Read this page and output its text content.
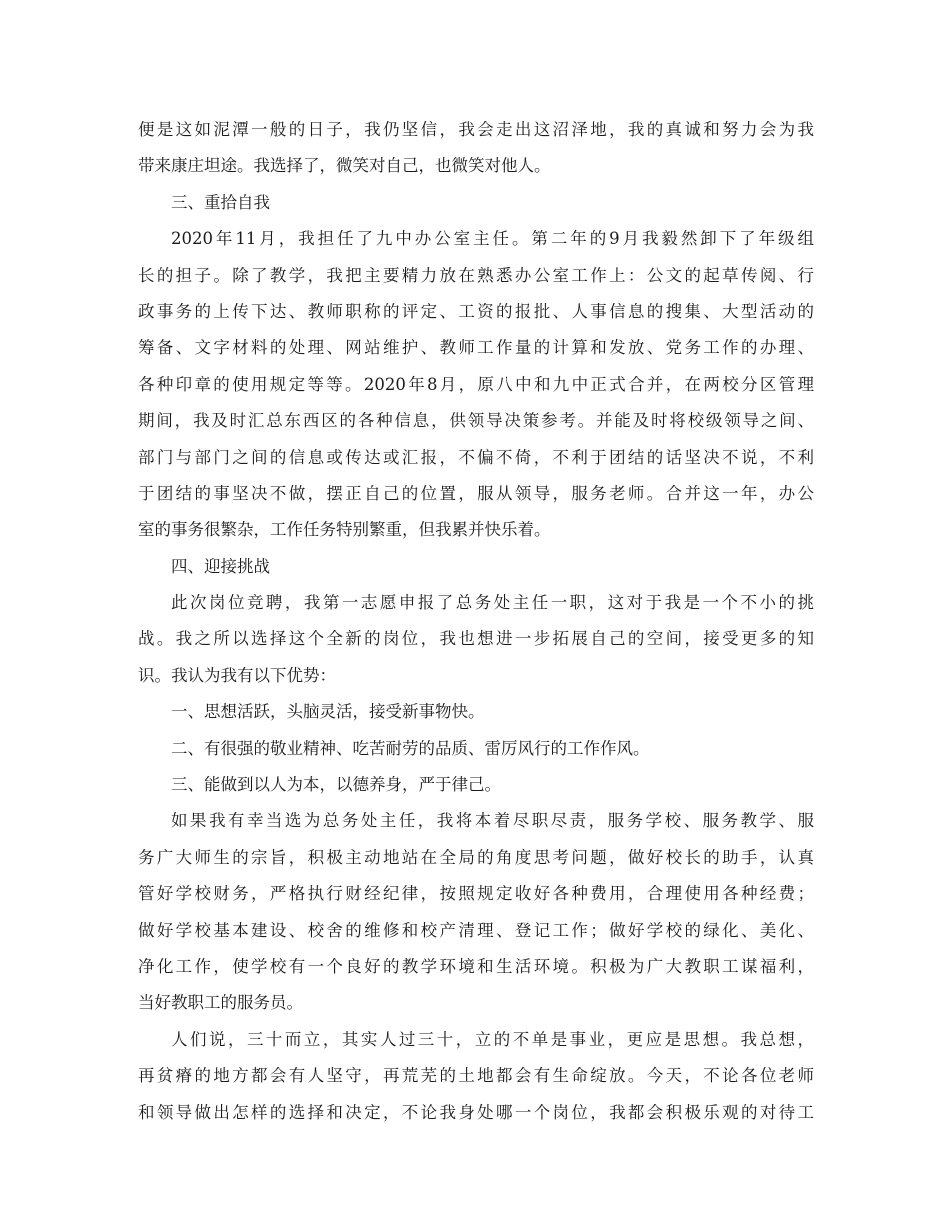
便是这如泥潭一般的日子，我仍坚信，我会走出这沼泽地，我的真诚和努力会为我
带来康庄坦途。我选择了，微笑对自己，也微笑对他人。
三、重拾自我
2020年11月，我担任了九中办公室主任。第二年的9月我毅然卸下了年级组
长的担子。除了教学，我把主要精力放在熟悉办公室工作上：公文的起草传阅、行
政事务的上传下达、教师职称的评定、工资的报批、人事信息的搜集、大型活动的
筹备、文字材料的处理、网站维护、教师工作量的计算和发放、党务工作的办理、
各种印章的使用规定等等。2020年8月，原八中和九中正式合并，在两校分区管理
期间，我及时汇总东西区的各种信息，供领导决策参考。并能及时将校级领导之间、
部门与部门之间的信息或传达或汇报，不偏不倚，不利于团结的话坚决不说，不利
于团结的事坚决不做，摆正自己的位置，服从领导，服务老师。合并这一年，办公
室的事务很繁杂，工作任务特别繁重，但我累并快乐着。
四、迎接挑战
此次岗位竞聘，我第一志愿申报了总务处主任一职，这对于我是一个不小的挑
战。我之所以选择这个全新的岗位，我也想进一步拓展自己的空间，接受更多的知
识。我认为我有以下优势：
一、思想活跃，头脑灵活，接受新事物快。
二、有很强的敬业精神、吃苦耐劳的品质、雷厉风行的工作作风。
三、能做到以人为本，以德养身，严于律己。
如果我有幸当选为总务处主任，我将本着尽职尽责，服务学校、服务教学、服
务广大师生的宗旨，积极主动地站在全局的角度思考问题，做好校长的助手，认真
管好学校财务，严格执行财经纪律，按照规定收好各种费用，合理使用各种经费；
做好学校基本建设、校舍的维修和校产清理、登记工作；做好学校的绿化、美化、
净化工作，使学校有一个良好的教学环境和生活环境。积极为广大教职工谋福利，
当好教职工的服务员。
人们说，三十而立，其实人过三十，立的不单是事业，更应是思想。我总想，
再贫瘠的地方都会有人坚守，再荒芜的土地都会有生命绽放。今天，不论各位老师
和领导做出怎样的选择和决定，不论我身处哪一个岗位，我都会积极乐观的对待工
